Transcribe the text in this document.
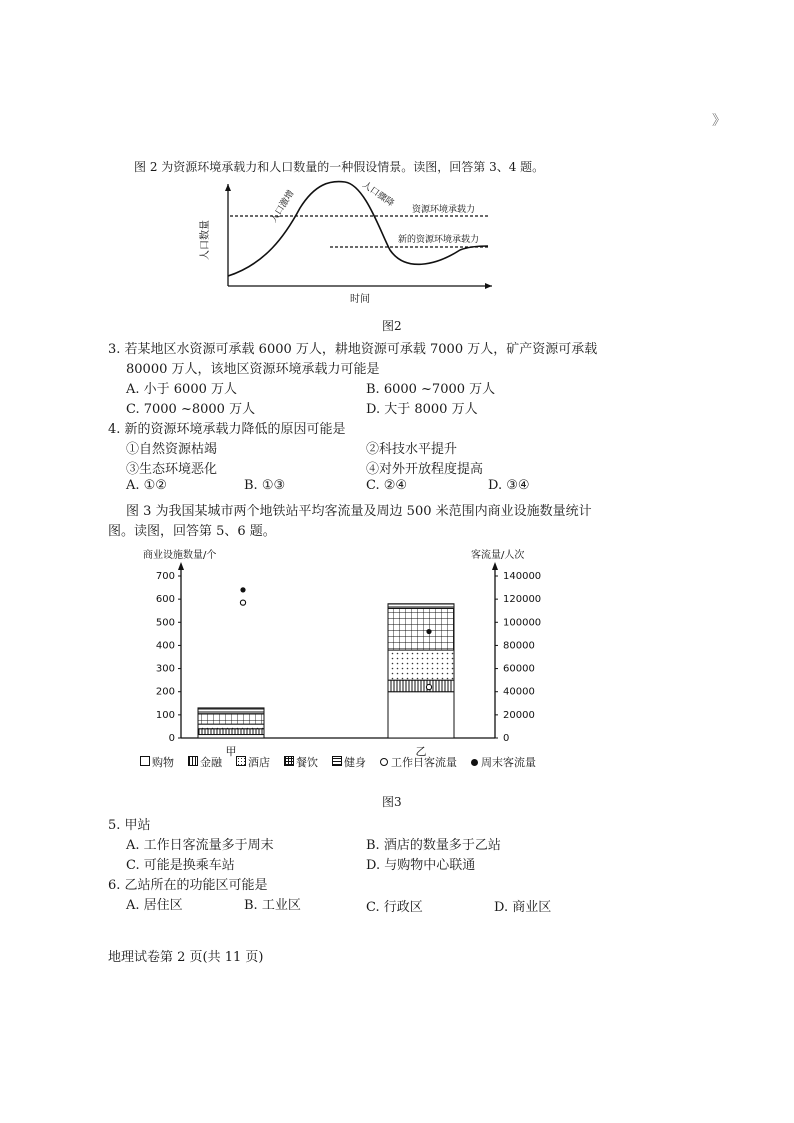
》
图 2 为资源环境承载力和人口数量的一种假设情景。读图，回答第 3、4 题。
人口数量
时间
人口激增	人口骤降
资源环境承载力
新的资源环境承载力
图2
3. 若某地区水资源可承载 6000 万人，耕地资源可承载 7000 万人，矿产资源可承载
80000 万人，该地区资源环境承载力可能是
A. 小于 6000 万人	B. 6000 ~7000 万人
C. 7000 ~8000 万人	D. 大于 8000 万人
4. 新的资源环境承载力降低的原因可能是
①自然资源枯竭	②科技水平提升
③生态环境恶化	④对外开放程度提高
A. ①②	B. ①③	C. ②④	D. ③④
图 3 为我国某城市两个地铁站平均客流量及周边 500 米范围内商业设施数量统计
图。读图，回答第 5、6 题。
商业设施数量/个	客流量/人次
0
100
200
300
400
500
600
700
0
20000
40000
60000
80000
100000
120000
140000
甲	乙
购物	金融	酒店	餐饮	健身	工作日客流量	周末客流量
图3
5. 甲站
A. 工作日客流量多于周末	B. 酒店的数量多于乙站
C. 可能是换乘车站	D. 与购物中心联通
6. 乙站所在的功能区可能是
A. 居住区	B. 工业区	C. 行政区	D. 商业区
地理试卷第 2 页(共 11 页)
